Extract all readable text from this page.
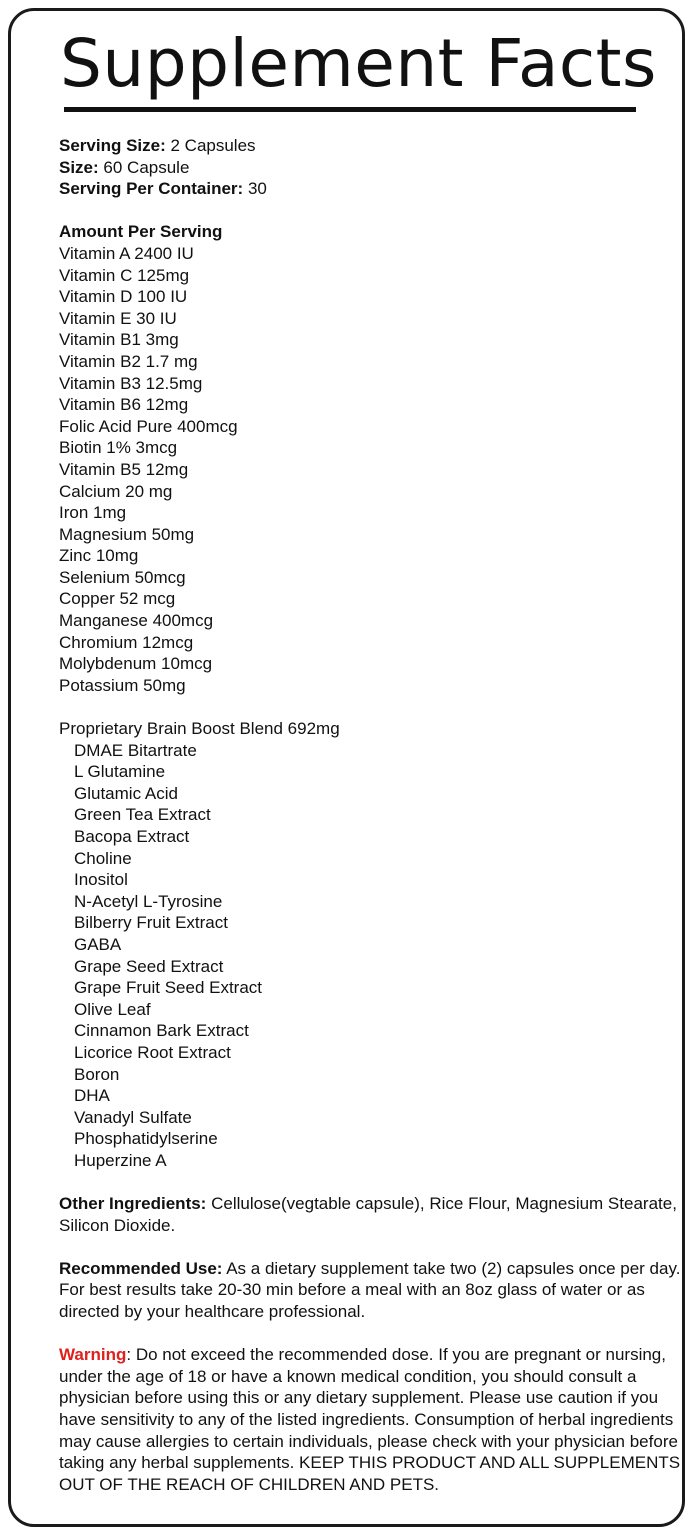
Supplement Facts
Serving Size: 2 Capsules
Size: 60 Capsule
Serving Per Container: 30
Amount Per Serving
Vitamin A 2400 IU
Vitamin C 125mg
Vitamin D 100 IU
Vitamin E 30 IU
Vitamin B1 3mg
Vitamin B2 1.7 mg
Vitamin B3 12.5mg
Vitamin B6 12mg
Folic Acid Pure 400mcg
Biotin 1% 3mcg
Vitamin B5 12mg
Calcium 20 mg
Iron 1mg
Magnesium 50mg
Zinc 10mg
Selenium 50mcg
Copper 52 mcg
Manganese 400mcg
Chromium 12mcg
Molybdenum 10mcg
Potassium 50mg
Proprietary Brain Boost Blend 692mg
DMAE Bitartrate
L Glutamine
Glutamic Acid
Green Tea Extract
Bacopa Extract
Choline
Inositol
N-Acetyl L-Tyrosine
Bilberry Fruit Extract
GABA
Grape Seed Extract
Grape Fruit Seed Extract
Olive Leaf
Cinnamon Bark Extract
Licorice Root Extract
Boron
DHA
Vanadyl Sulfate
Phosphatidylserine
Huperzine A
Other Ingredients: Cellulose(vegtable capsule), Rice Flour, Magnesium Stearate, Silicon Dioxide.
Recommended Use: As a dietary supplement take two (2) capsules once per day. For best results take 20-30 min before a meal with an 8oz glass of water or as directed by your healthcare professional.
Warning: Do not exceed the recommended dose. If you are pregnant or nursing, under the age of 18 or have a known medical condition, you should consult a physician before using this or any dietary supplement. Please use caution if you have sensitivity to any of the listed ingredients. Consumption of herbal ingredients may cause allergies to certain individuals, please check with your physician before taking any herbal supplements. KEEP THIS PRODUCT AND ALL SUPPLEMENTS OUT OF THE REACH OF CHILDREN AND PETS.
